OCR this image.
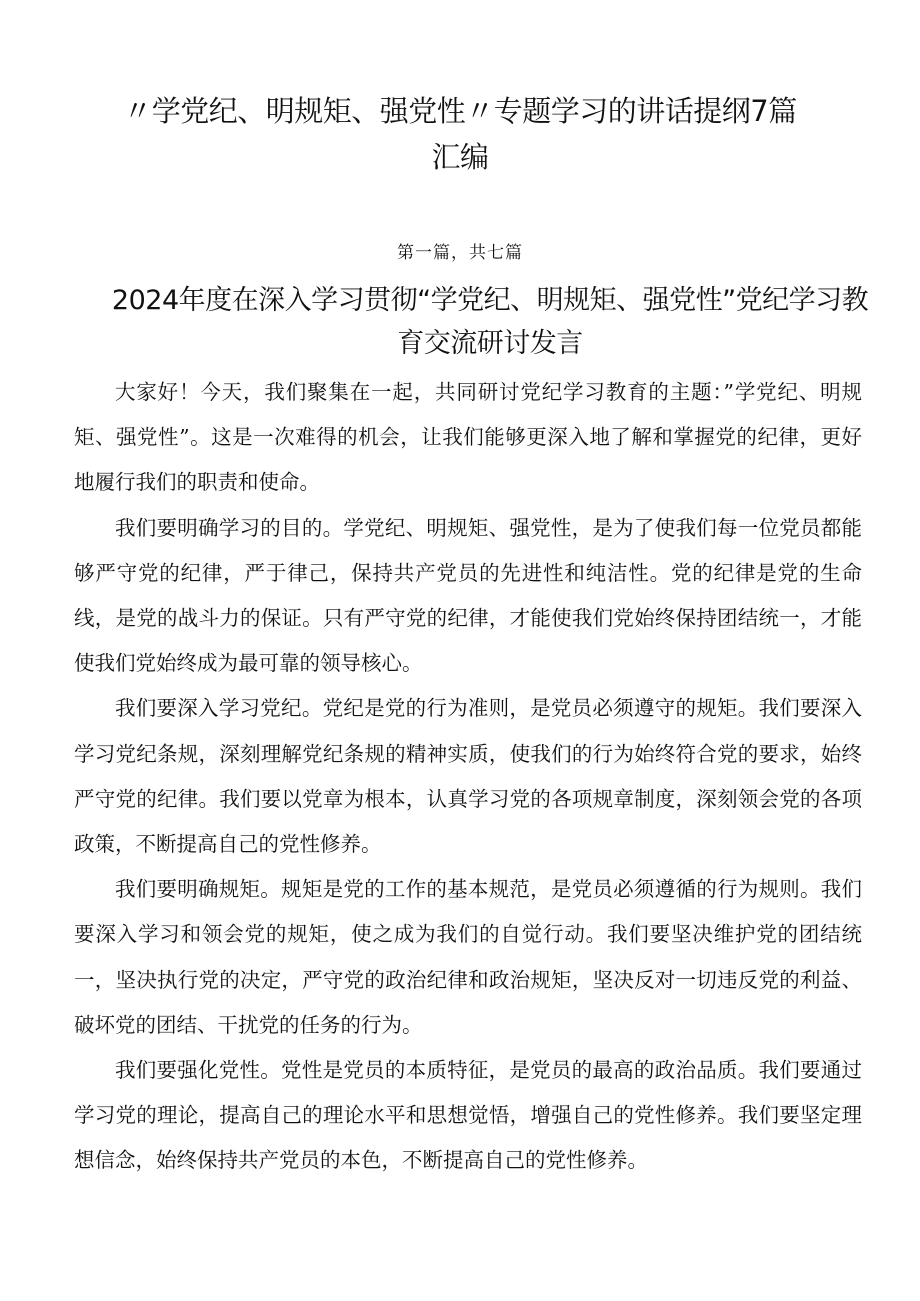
〃学党纪、明规矩、强党性〃专题学习的讲话提纲7篇汇编
第一篇，共七篇
2024年度在深入学习贯彻“学党纪、明规矩、强党性”党纪学习教育交流研讨发言

大家好！今天，我们聚集在一起，共同研讨党纪学习教育的主题：”学党纪、明规矩、强党性”。这是一次难得的机会，让我们能够更深入地了解和掌握党的纪律，更好地履行我们的职责和使命。

我们要明确学习的目的。学党纪、明规矩、强党性，是为了使我们每一位党员都能够严守党的纪律，严于律己，保持共产党员的先进性和纯洁性。党的纪律是党的生命线，是党的战斗力的保证。只有严守党的纪律，才能使我们党始终保持团结统一，才能使我们党始终成为最可靠的领导核心。

我们要深入学习党纪。党纪是党的行为准则，是党员必须遵守的规矩。我们要深入学习党纪条规，深刻理解党纪条规的精神实质，使我们的行为始终符合党的要求，始终严守党的纪律。我们要以党章为根本，认真学习党的各项规章制度，深刻领会党的各项政策，不断提高自己的党性修养。

我们要明确规矩。规矩是党的工作的基本规范，是党员必须遵循的行为规则。我们要深入学习和领会党的规矩，使之成为我们的自觉行动。我们要坚决维护党的团结统一，坚决执行党的决定，严守党的政治纪律和政治规矩，坚决反对一切违反党的利益、破坏党的团结、干扰党的任务的行为。

我们要强化党性。党性是党员的本质特征，是党员的最高的政治品质。我们要通过学习党的理论，提高自己的理论水平和思想觉悟，增强自己的党性修养。我们要坚定理想信念，始终保持共产党员的本色，不断提高自己的党性修养。
